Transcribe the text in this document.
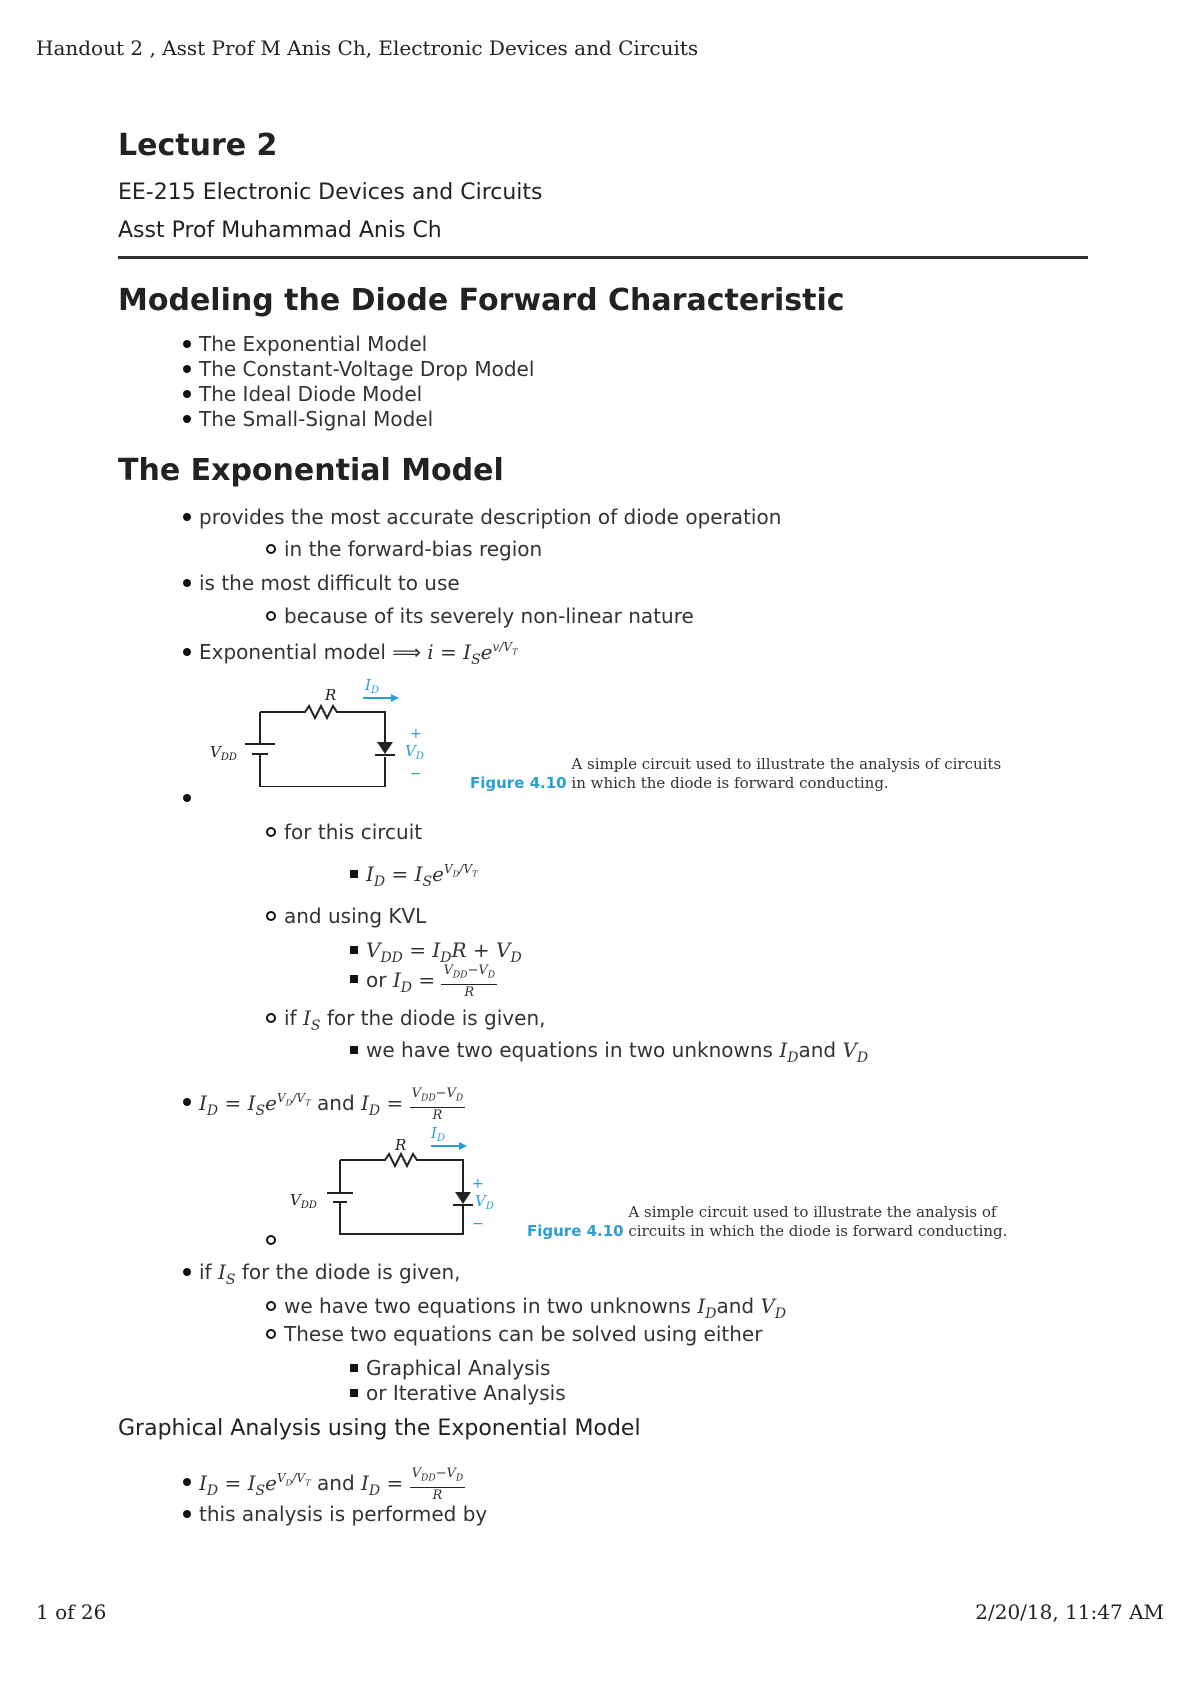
Handout 2 , Asst Prof M Anis Ch, Electronic Devices and Circuits
Lecture 2
EE-215 Electronic Devices and Circuits
Asst Prof Muhammad Anis Ch
Modeling the Diode Forward Characteristic
The Exponential Model
The Constant-Voltage Drop Model
The Ideal Diode Model
The Small-Signal Model
The Exponential Model
provides the most accurate description of diode operation
in the forward-bias region
is the most difficult to use
because of its severely non-linear nature
Exponential model ⟹ $i = I_Se^{v/V_T}$
R
$I_D$
$V_{DD}$
+
$V_D$
−	Figure 4.10 A simple circuit used to illustrate the analysis of circuits in which the diode is forward conducting.
for this circuit
$I_D = I_Se^{V_D/V_T}$
and using KVL
$V_{DD} = I_DR + V_D$
or $I_D = \frac{V_{DD}-V_D}{R}$
if $I_S$ for the diode is given,
we have two equations in two unknowns $I_Dand$ $V_D$
$I_D = I_Se^{V_D/V_T}$ and $I_D = \frac{V_{DD}-V_D}{R}$
R
$I_D$
$V_{DD}$
+
$V_D$
−	Figure 4.10 A simple circuit used to illustrate the analysis of circuits in which the diode is forward conducting.
if $I_S$ for the diode is given,
we have two equations in two unknowns $I_Dand$ $V_D$
These two equations can be solved using either
Graphical Analysis
or Iterative Analysis
Graphical Analysis using the Exponential Model
$I_D = I_Se^{V_D/V_T}$ and $I_D = \frac{V_{DD}-V_D}{R}$
this analysis is performed by
1 of 26	2/20/18, 11:47 AM
